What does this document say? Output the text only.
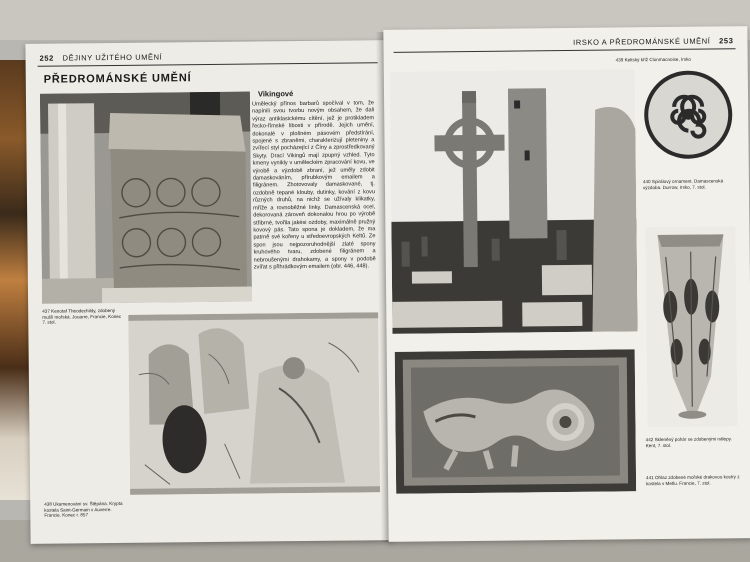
252 DĚJINY UŽITÉHO UMĚNÍ
PŘEDROMÁNSKÉ UMĚNÍ
437 Kenotaf Theodechildy, zdobený mušlí mořská. Jouarre, Francie, Konec 7. stol.
Vikingové
Umělecký přínos barbarů spočíval v tom, že napínili svou tvorbu novým obsahem, že dali výraz antiklasickému cítění, jež je protikladem řecko-římské libosti v přírodě. Jejich umění, dokonalé v plošném pásovém předstírání, spojené s zbraněmi, charakterizují pleteniny a zvířecí styl pocházející z Číny a zprostředkovaný Skyty. Drací Vikingů mají zpupný vzhled. Tyto kmeny vynikly v uměleckém zpracování kovu, ve výrobě a výzdobě zbraní, jež uměly zdobit damaskováním, přírubkovým emailem a filigránem. Zhotovovaly damaskované, tj. ozdobně tepané klouby, dutinky, kování z kovu různých druhů, na nichž se užívaly klikatky, mříže a rovnoběžné linky. Damascenská ocel, dekorovaná zároveň dokonalou hrou po výrobě střibrné, tvořila jakési ozdoby, maximálně pružný kovový pás. Tato spona je dokladem, že ma patrně své kořeny u středoevropských Keltů. Ze spon jsou nejpozoruhodnější zlaté spony kruhového tvaru, zdobené filigránem a nebroušenými drahokamy, a spony v podobě zvířat s přihrádkovým emailem (obr. 446, 448).
438 Ukamenování sv. Štěpána. Krypta kostela Saint-Germain v Auxerre. Francie. Konec r. 857
IRSKO A PŘEDROMÁNSKÉ UMĚNÍ 253
439 Keltský kříž Clonmacnoise, Irsko
440 Spirálový ornament. Damascenská výzdoba. Durrow, Irsko, 7. stol.
442 Skleněný pohár se zdobenými nálepy. Kent, 7. stol.
441 Ohlaz zdobené mořské drakovou kostry z kostela v Metlu. Francie, 7. stol.
